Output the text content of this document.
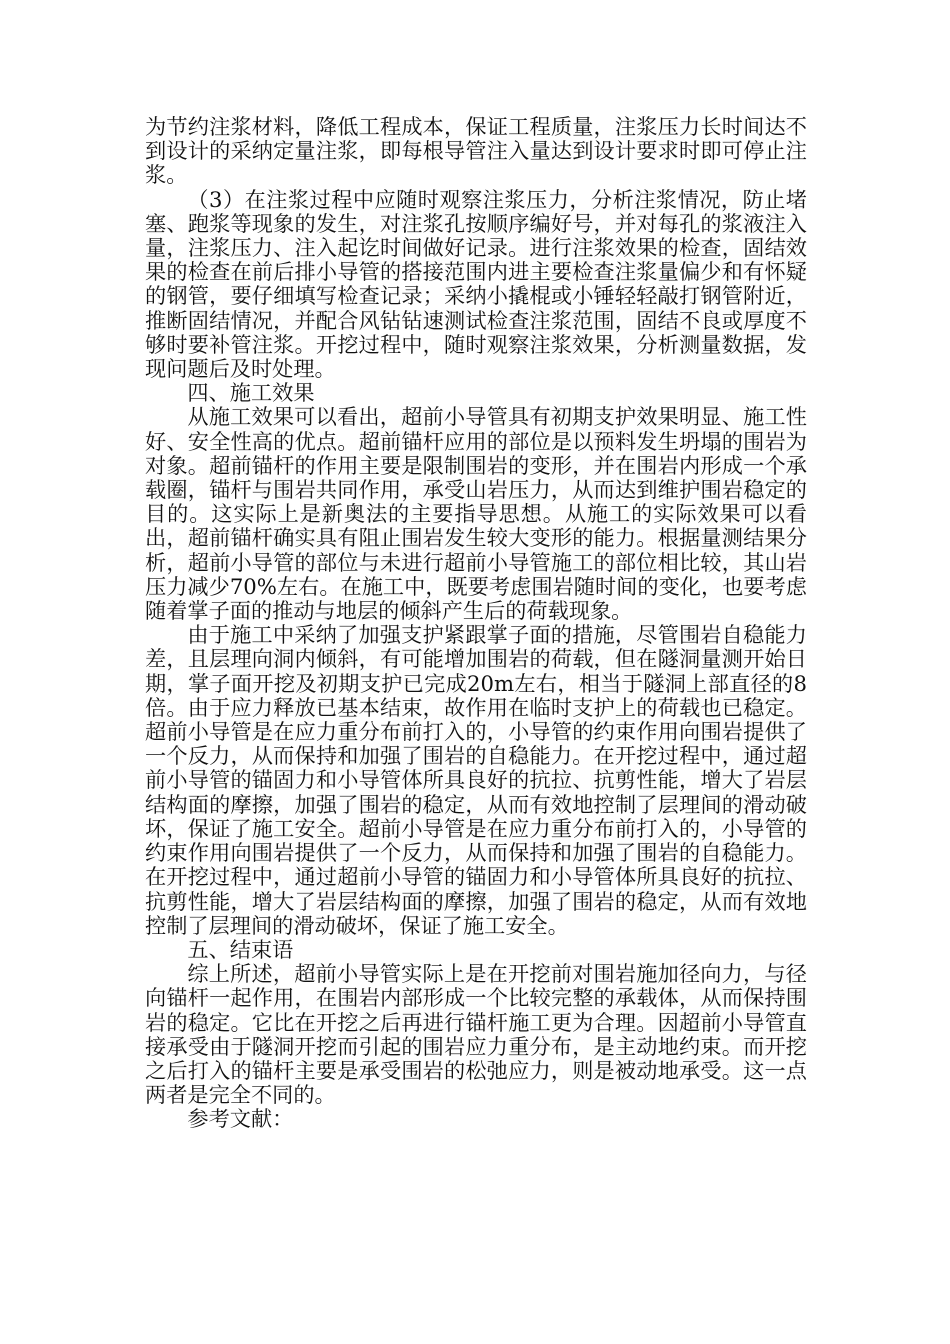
为节约注浆材料，降低工程成本，保证工程质量，注浆压力长时间达不到设计的采纳定量注浆，即每根导管注入量达到设计要求时即可停止注浆。

（3）在注浆过程中应随时观察注浆压力，分析注浆情况，防止堵塞、跑浆等现象的发生，对注浆孔按顺序编好号，并对每孔的浆液注入量，注浆压力、注入起讫时间做好记录。进行注浆效果的检查，固结效果的检查在前后排小导管的搭接范围内进主要检查注浆量偏少和有怀疑的钢管，要仔细填写检查记录；采纳小撬棍或小锤轻轻敲打钢管附近，推断固结情况，并配合风钻钻速测试检查注浆范围，固结不良或厚度不够时要补管注浆。开挖过程中，随时观察注浆效果，分析测量数据，发现问题后及时处理。

四、施工效果

从施工效果可以看出，超前小导管具有初期支护效果明显、施工性好、安全性高的优点。超前锚杆应用的部位是以预料发生坍塌的围岩为对象。超前锚杆的作用主要是限制围岩的变形，并在围岩内形成一个承载圈，锚杆与围岩共同作用，承受山岩压力，从而达到维护围岩稳定的目的。这实际上是新奥法的主要指导思想。从施工的实际效果可以看出，超前锚杆确实具有阻止围岩发生较大变形的能力。根据量测结果分析，超前小导管的部位与未进行超前小导管施工的部位相比较，其山岩压力减少70%左右。在施工中，既要考虑围岩随时间的变化，也要考虑随着掌子面的推动与地层的倾斜产生后的荷载现象。

由于施工中采纳了加强支护紧跟掌子面的措施，尽管围岩自稳能力差，且层理向洞内倾斜，有可能增加围岩的荷载，但在隧洞量测开始日期，掌子面开挖及初期支护已完成20m左右，相当于隧洞上部直径的8倍。由于应力释放已基本结束，故作用在临时支护上的荷载也已稳定。超前小导管是在应力重分布前打入的，小导管的约束作用向围岩提供了一个反力，从而保持和加强了围岩的自稳能力。在开挖过程中，通过超前小导管的锚固力和小导管体所具良好的抗拉、抗剪性能，增大了岩层结构面的摩擦，加强了围岩的稳定，从而有效地控制了层理间的滑动破坏，保证了施工安全。超前小导管是在应力重分布前打入的，小导管的约束作用向围岩提供了一个反力，从而保持和加强了围岩的自稳能力。在开挖过程中，通过超前小导管的锚固力和小导管体所具良好的抗拉、抗剪性能，增大了岩层结构面的摩擦，加强了围岩的稳定，从而有效地控制了层理间的滑动破坏，保证了施工安全。

五、结束语

综上所述，超前小导管实际上是在开挖前对围岩施加径向力，与径向锚杆一起作用，在围岩内部形成一个比较完整的承载体，从而保持围岩的稳定。它比在开挖之后再进行锚杆施工更为合理。因超前小导管直接承受由于隧洞开挖而引起的围岩应力重分布，是主动地约束。而开挖之后打入的锚杆主要是承受围岩的松弛应力，则是被动地承受。这一点两者是完全不同的。

参考文献：
